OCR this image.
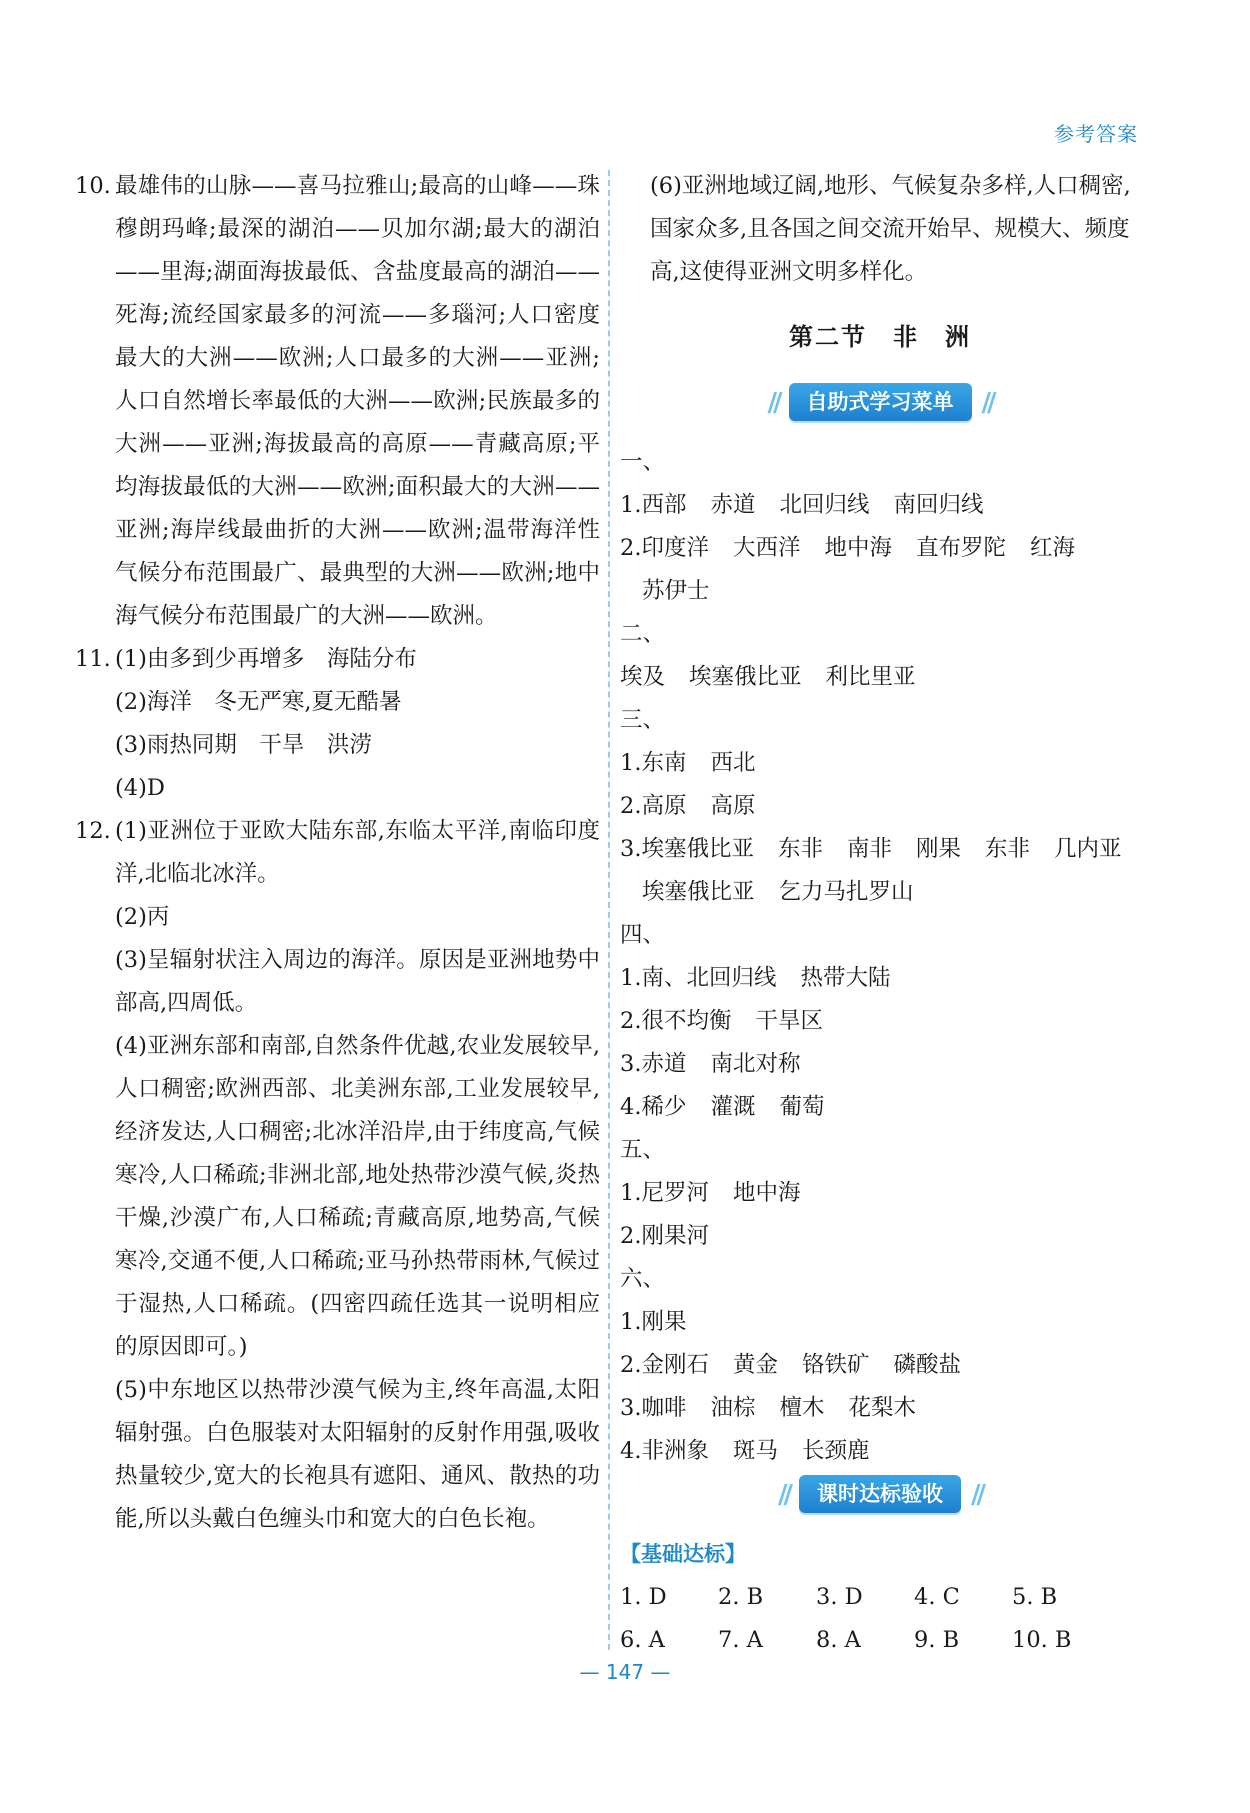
参考答案
10. 最雄伟的山脉——喜马拉雅山;最高的山峰——珠穆朗玛峰;最深的湖泊——贝加尔湖;最大的湖泊——里海;湖面海拔最低、含盐度最高的湖泊——死海;流经国家最多的河流——多瑙河;人口密度最大的大洲——欧洲;人口最多的大洲——亚洲;人口自然增长率最低的大洲——欧洲;民族最多的大洲——亚洲;海拔最高的高原——青藏高原;平均海拔最低的大洲——欧洲;面积最大的大洲——亚洲;海岸线最曲折的大洲——欧洲;温带海洋性气候分布范围最广、最典型的大洲——欧洲;地中海气候分布范围最广的大洲——欧洲。
11. (1)由多到少再增多　海陆分布

(2)海洋　冬无严寒,夏无酷暑

(3)雨热同期　干旱　洪涝

(4)D

12. (1)亚洲位于亚欧大陆东部,东临太平洋,南临印度洋,北临北冰洋。

(2)丙

(3)呈辐射状注入周边的海洋。原因是亚洲地势中部高,四周低。

(4)亚洲东部和南部,自然条件优越,农业发展较早,人口稠密;欧洲西部、北美洲东部,工业发展较早,经济发达,人口稠密;北冰洋沿岸,由于纬度高,气候寒冷,人口稀疏;非洲北部,地处热带沙漠气候,炎热干燥,沙漠广布,人口稀疏;青藏高原,地势高,气候寒冷,交通不便,人口稀疏;亚马孙热带雨林,气候过于湿热,人口稀疏。(四密四疏任选其一说明相应的原因即可。)

(5)中东地区以热带沙漠气候为主,终年高温,太阳辐射强。白色服装对太阳辐射的反射作用强,吸收热量较少,宽大的长袍具有遮阳、通风、散热的功能,所以头戴白色缠头巾和宽大的白色长袍。

(6)亚洲地域辽阔,地形、气候复杂多样,人口稠密,国家众多,且各国之间交流开始早、规模大、频度高,这使得亚洲文明多样化。

第二节　非　洲
// 自助式学习菜单 //

一、

1.西部 赤道 北回归线 南回归线

2.印度洋 大西洋 地中海 直布罗陀 红海

苏伊士

二、

埃及 埃塞俄比亚 利比里亚

三、

1.东南 西北

2.高原 高原

3.埃塞俄比亚 东非 南非 刚果 东非 几内亚

埃塞俄比亚 乞力马扎罗山

四、

1.南、北回归线 热带大陆

2.很不均衡 干旱区

3.赤道 南北对称

4.稀少 灌溉 葡萄

五、

1.尼罗河 地中海

2.刚果河

六、

1.刚果

2.金刚石 黄金 铬铁矿 磷酸盐

3.咖啡 油棕 檀木 花梨木

4.非洲象 斑马 长颈鹿

// 课时达标验收 //
【基础达标】
1. D	2. B	3. D	4. C	5. B
6. A	7. A	8. A	9. B	10. B
— 147 —
